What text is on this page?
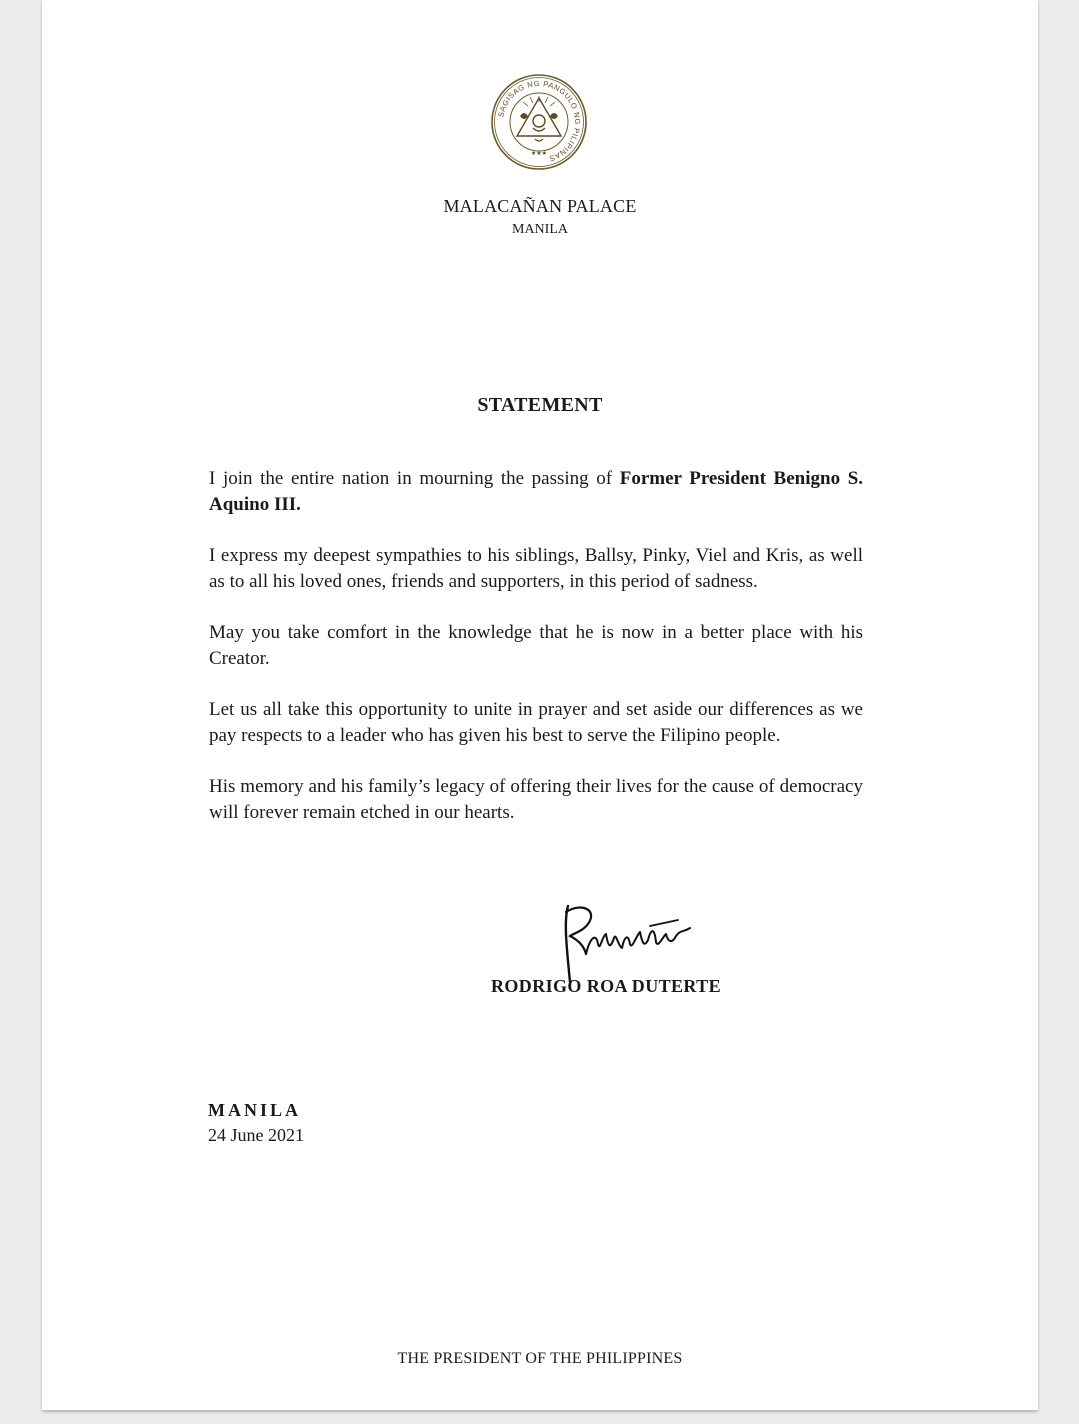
SAGISAG NG PANGULO NG PILIPINAS
★★★
MALACAÑAN PALACE
MANILA
STATEMENT

I join the entire nation in mourning the passing of Former President Benigno S. Aquino III.

I express my deepest sympathies to his siblings, Ballsy, Pinky, Viel and Kris, as well as to all his loved ones, friends and supporters, in this period of sadness.

May you take comfort in the knowledge that he is now in a better place with his Creator.

Let us all take this opportunity to unite in prayer and set aside our differences as we pay respects to a leader who has given his best to serve the Filipino people.

His memory and his family’s legacy of offering their lives for the cause of democracy will forever remain etched in our hearts.

RODRIGO ROA DUTERTE
MANILA
24 June 2021
THE PRESIDENT OF THE PHILIPPINES
